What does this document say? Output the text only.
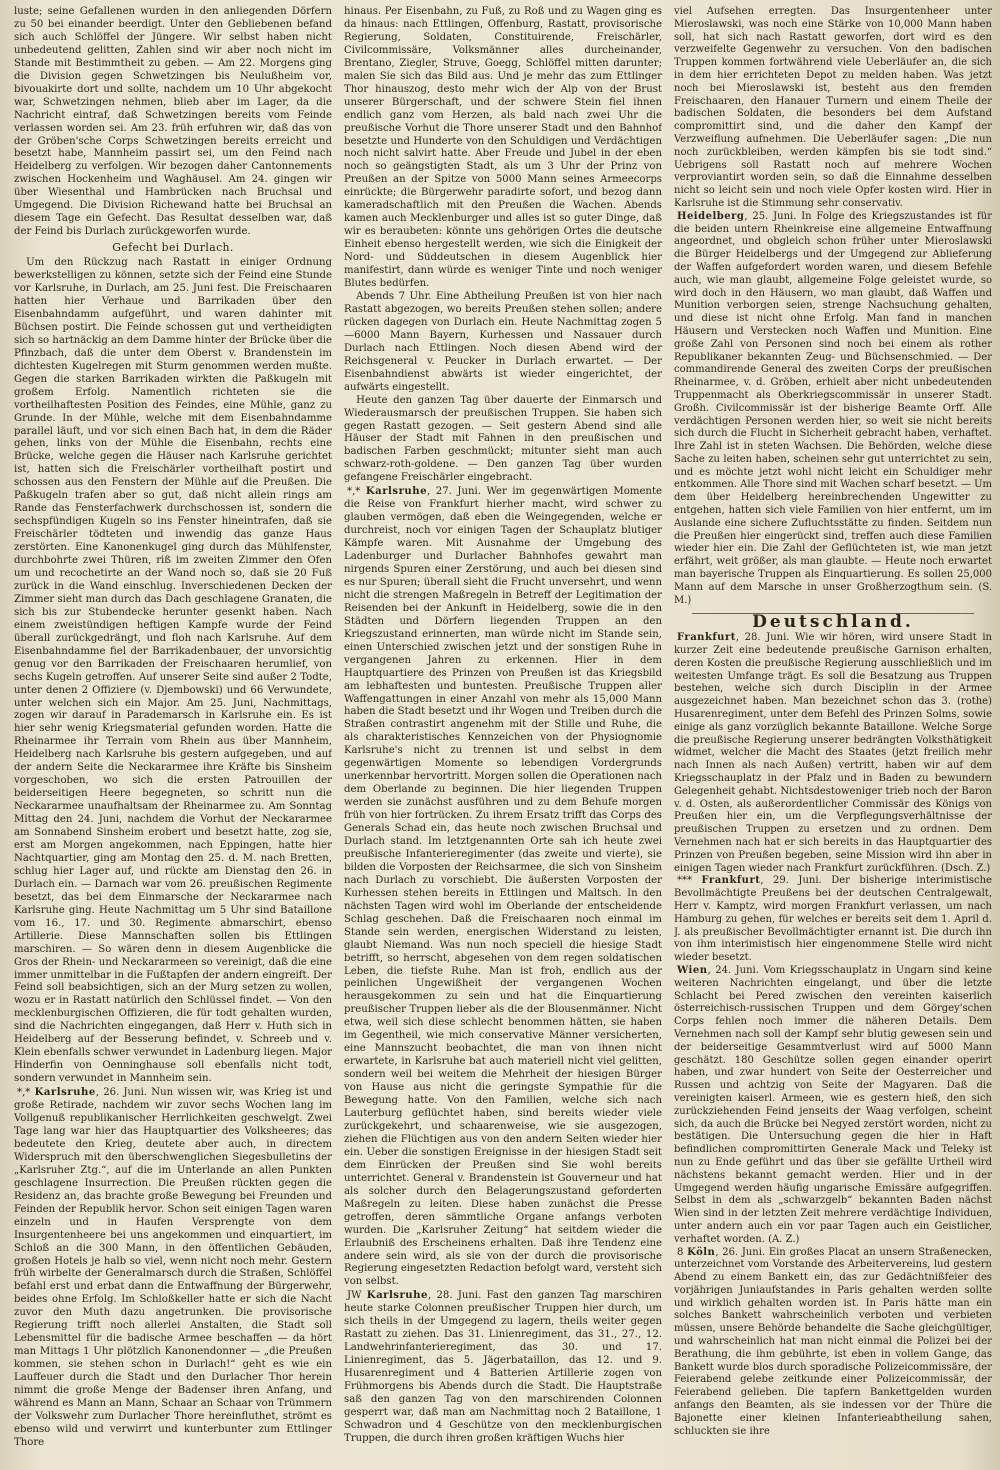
luste; seine Gefallenen wurden in den anliegenden Dörfern zu 50 bei einander beerdigt. Unter den Gebliebenen befand sich auch Schlöffel der Jüngere. Wir selbst haben nicht unbedeutend gelitten, Zahlen sind wir aber noch nicht im Stande mit Bestimmtheit zu geben. — Am 22. Morgens ging die Division gegen Schwetzingen bis Neulußheim vor, bivouakirte dort und sollte, nachdem um 10 Uhr abgekocht war, Schwetzingen nehmen, blieb aber im Lager, da die Nachricht eintraf, daß Schwetzingen bereits vom Feinde verlassen worden sei. Am 23. früh erfuhren wir, daß das von der Gröben'sche Corps Schwetzingen bereits erreicht und besetzt habe, Mannheim passirt sei, um den Feind nach Heidelberg zu verfolgen. Wir bezogen daher Cantonnements zwischen Hockenheim und Waghäusel. Am 24. gingen wir über Wiesenthal und Hambrücken nach Bruchsal und Umgegend. Die Division Richewand hatte bei Bruchsal an diesem Tage ein Gefecht. Das Resultat desselben war, daß der Feind bis Durlach zurückgeworfen wurde.

Gefecht bei Durlach.

Um den Rückzug nach Rastatt in einiger Ordnung bewerkstelligen zu können, setzte sich der Feind eine Stunde vor Karlsruhe, in Durlach, am 25. Juni fest. Die Freischaaren hatten hier Verhaue und Barrikaden über den Eisenbahndamm aufgeführt, und waren dahinter mit Büchsen postirt. Die Feinde schossen gut und vertheidigten sich so hartnäckig an dem Damme hinter der Brücke über die Pfinzbach, daß die unter dem Oberst v. Brandenstein im dichtesten Kugelregen mit Sturm genommen werden mußte. Gegen die starken Barrikaden wirkten die Paßkugeln mit großem Erfolg. Namentlich richteten sie die vortheilhaftesten Position des Feindes, eine Mühle, ganz zu Grunde. In der Mühle, welche mit dem Eisenbahndamme parallel läuft, und vor sich einen Bach hat, in dem die Räder gehen, links von der Mühle die Eisenbahn, rechts eine Brücke, welche gegen die Häuser nach Karlsruhe gerichtet ist, hatten sich die Freischärler vortheilhaft postirt und schossen aus den Fenstern der Mühle auf die Preußen. Die Paßkugeln trafen aber so gut, daß nicht allein rings am Rande das Fensterfachwerk durchschossen ist, sondern die sechspfündigen Kugeln so ins Fenster hineintrafen, daß sie Freischärler tödteten und inwendig das ganze Haus zerstörten. Eine Kanonenkugel ging durch das Mühlfenster, durchbohrte zwei Thüren, riß im zweiten Zimmer den Ofen um und recochetirte an der Wand noch so, daß sie 20 Fuß zurück in die Wand einschlug. Inverschiedenen Decken der Zimmer sieht man durch das Dach geschlagene Granaten, die sich bis zur Stubendecke herunter gesenkt haben. Nach einem zweistündigen heftigen Kampfe wurde der Feind überall zurückgedrängt, und floh nach Karlsruhe. Auf dem Eisenbahndamme fiel der Barrikadenbauer, der unvorsichtig genug vor den Barrikaden der Freischaaren herumlief, von sechs Kugeln getroffen. Auf unserer Seite sind außer 2 Todte, unter denen 2 Offiziere (v. Djembowski) und 66 Verwundete, unter welchen sich ein Major. Am 25. Juni, Nachmittags, zogen wir darauf in Parademarsch in Karlsruhe ein. Es ist hier sehr wenig Kriegsmaterial gefunden worden. Hatte die Rheinarmee ihr Terrain vom Rhein aus über Mannheim, Heidelberg nach Karlsruhe bis gestern aufgegeben, und auf der andern Seite die Neckararmee ihre Kräfte bis Sinsheim vorgeschoben, wo sich die ersten Patrouillen der beiderseitigen Heere begegneten, so schritt nun die Neckararmee unaufhaltsam der Rheinarmee zu. Am Sonntag Mittag den 24. Juni, nachdem die Vorhut der Neckararmee am Sonnabend Sinsheim erobert und besetzt hatte, zog sie, erst am Morgen angekommen, nach Eppingen, hatte hier Nachtquartier, ging am Montag den 25. d. M. nach Bretten, schlug hier Lager auf, und rückte am Dienstag den 26. in Durlach ein. — Darnach war vom 26. preußischen Regimente besetzt, das bei dem Einmarsche der Neckararmee nach Karlsruhe ging. Heute Nachmittag um 5 Uhr sind Bataillone vom 16., 17. und 30. Regimente abmarschirt, ebenso Artillerie. Diese Mannschaften sollen bis Ettlingen marschiren. — So wären denn in diesem Augenblicke die Gros der Rhein- und Neckararmeen so vereinigt, daß die eine immer unmittelbar in die Fußtapfen der andern eingreift. Der Feind soll beabsichtigen, sich an der Murg setzen zu wollen, wozu er in Rastatt natürlich den Schlüssel findet. — Von den mecklenburgischen Offizieren, die für todt gehalten wurden, sind die Nachrichten eingegangen, daß Herr v. Huth sich in Heidelberg auf der Besserung befindet, v. Schreeb und v. Klein ebenfalls schwer verwundet in Ladenburg liegen. Major Hinderfin von Oenninghause soll ebenfalls nicht todt, sondern verwundet in Mannheim sein.

*,* Karlsruhe, 26. Juni. Nun wissen wir, was Krieg ist und große Retirade, nachdem wir zuvor sechs Wochen lang im Vollgenuß republikanischer Herrlichkeiten geschwelgt. Zwei Tage lang war hier das Hauptquartier des Volksheeres; das bedeutete den Krieg, deutete aber auch, in directem Widerspruch mit den überschwenglichen Siegesbulletins der „Karlsruher Ztg.“, auf die im Unterlande an allen Punkten geschlagene Insurrection. Die Preußen rückten gegen die Residenz an, das brachte große Bewegung bei Freunden und Feinden der Republik hervor. Schon seit einigen Tagen waren einzeln und in Haufen Versprengte von dem Insurgentenheere bei uns angekommen und einquartiert, im Schloß an die 300 Mann, in den öffentlichen Gebäuden, großen Hotels je halb so viel, wenn nicht noch mehr. Gestern früh wirbelte der Generalmarsch durch die Straßen, Schlöffel befahl erst und erbat dann die Entwaffnung der Bürgerwehr, beides ohne Erfolg. Im Schloßkeller hatte er sich die Nacht zuvor den Muth dazu angetrunken. Die provisorische Regierung trifft noch allerlei Anstalten, die Stadt soll Lebensmittel für die badische Armee beschaffen — da hört man Mittags 1 Uhr plötzlich Kanonendonner — „die Preußen kommen, sie stehen schon in Durlach!“ geht es wie ein Lauffeuer durch die Stadt und den Durlacher Thor herein nimmt die große Menge der Badenser ihren Anfang, und während es Mann an Mann, Schaar an Schaar von Trümmern der Volkswehr zum Durlacher Thore hereinfluthet, strömt es ebenso wild und verwirrt und kunterbunter zum Ettlinger Thore

hinaus. Per Eisenbahn, zu Fuß, zu Roß und zu Wagen ging es da hinaus: nach Ettlingen, Offenburg, Rastatt, provisorische Regierung, Soldaten, Constituirende, Freischärler, Civilcommissäre, Volksmänner alles durcheinander, Brentano, Ziegler, Struve, Goegg, Schlöffel mitten darunter; malen Sie sich das Bild aus. Und je mehr das zum Ettlinger Thor hinauszog, desto mehr wich der Alp von der Brust unserer Bürgerschaft, und der schwere Stein fiel ihnen endlich ganz vom Herzen, als bald nach zwei Uhr die preußische Vorhut die Thore unserer Stadt und den Bahnhof besetzte und Hunderte von den Schuldigen und Verdächtigen noch nicht salvirt hatte. Aber Freude und Jubel in der eben noch so geängstigten Stadt, als um 3 Uhr der Prinz von Preußen an der Spitze von 5000 Mann seines Armeecorps einrückte; die Bürgerwehr paradirte sofort, und bezog dann kameradschaftlich mit den Preußen die Wachen. Abends kamen auch Mecklenburger und alles ist so guter Dinge, daß wir es beraubeten: könnte uns gehörigen Ortes die deutsche Einheit ebenso hergestellt werden, wie sich die Einigkeit der Nord- und Süddeutschen in diesem Augenblick hier manifestirt, dann würde es weniger Tinte und noch weniger Blutes bedürfen.

Abends 7 Uhr. Eine Abtheilung Preußen ist von hier nach Rastatt abgezogen, wo bereits Preußen stehen sollen; andere rücken dagegen von Durlach ein. Heute Nachmittag zogen 5—6000 Mann Bayern, Kurhessen und Nassauer durch Durlach nach Ettlingen. Noch diesen Abend wird der Reichsgeneral v. Peucker in Durlach erwartet. — Der Eisenbahndienst abwärts ist wieder eingerichtet, der aufwärts eingestellt.

Heute den ganzen Tag über dauerte der Einmarsch und Wiederausmarsch der preußischen Truppen. Sie haben sich gegen Rastatt gezogen. — Seit gestern Abend sind alle Häuser der Stadt mit Fahnen in den preußischen und badischen Farben geschmückt; mitunter sieht man auch schwarz-roth-goldene. — Den ganzen Tag über wurden gefangene Freischärler eingebracht.

*,* Karlsruhe, 27. Juni. Wer im gegenwärtigen Momente die Reise von Frankfurt hierher macht, wird schwer zu glauben vermögen, daß eben die Weingegenden, welche er durchreist, noch vor einigen Tagen der Schauplatz blutiger Kämpfe waren. Mit Ausnahme der Umgebung des Ladenburger und Durlacher Bahnhofes gewahrt man nirgends Spuren einer Zerstörung, und auch bei diesen sind es nur Spuren; überall sieht die Frucht unversehrt, und wenn nicht die strengen Maßregeln in Betreff der Legitimation der Reisenden bei der Ankunft in Heidelberg, sowie die in den Städten und Dörfern liegenden Truppen an den Kriegszustand erinnerten, man würde nicht im Stande sein, einen Unterschied zwischen jetzt und der sonstigen Ruhe in vergangenen Jahren zu erkennen. Hier in dem Hauptquartiere des Prinzen von Preußen ist das Kriegsbild am lebhaftesten und buntesten. Preußische Truppen aller Waffengattungen in einer Anzahl von mehr als 15,000 Mann haben die Stadt besetzt und ihr Wogen und Treiben durch die Straßen contrastirt angenehm mit der Stille und Ruhe, die als charakteristisches Kennzeichen von der Physiognomie Karlsruhe's nicht zu trennen ist und selbst in dem gegenwärtigen Momente so lebendigen Vordergrunds unerkennbar hervortritt. Morgen sollen die Operationen nach dem Oberlande zu beginnen. Die hier liegenden Truppen werden sie zunächst ausführen und zu dem Behufe morgen früh von hier fortrücken. Zu ihrem Ersatz trifft das Corps des Generals Schad ein, das heute noch zwischen Bruchsal und Durlach stand. Im letztgenannten Orte sah ich heute zwei preußische Infanterieregimenter (das zweite und vierte), sie bilden die Vorposten der Reichsarmee, die sich von Sinsheim nach Durlach zu vorschiebt. Die äußersten Vorposten der Kurhessen stehen bereits in Ettlingen und Maltsch. In den nächsten Tagen wird wohl im Oberlande der entscheidende Schlag geschehen. Daß die Freischaaren noch einmal im Stande sein werden, energischen Widerstand zu leisten, glaubt Niemand. Was nun noch speciell die hiesige Stadt betrifft, so herrscht, abgesehen von dem regen soldatischen Leben, die tiefste Ruhe. Man ist froh, endlich aus der peinlichen Ungewißheit der vergangenen Wochen herausgekommen zu sein und hat die Einquartierung preußischer Truppen lieber als die der Blousenmänner. Nicht etwa, weil sich diese schlecht benommen hätten, sie haben im Gegentheil, wie mich conservative Männer versicherten, eine Mannszucht beobachtet, die man von ihnen nicht erwartete, in Karlsruhe bat auch materiell nicht viel gelitten, sondern weil bei weitem die Mehrheit der hiesigen Bürger von Hause aus nicht die geringste Sympathie für die Bewegung hatte. Von den Familien, welche sich nach Lauterburg geflüchtet haben, sind bereits wieder viele zurückgekehrt, und schaarenweise, wie sie ausgezogen, ziehen die Flüchtigen aus von den andern Seiten wieder hier ein. Ueber die sonstigen Ereignisse in der hiesigen Stadt seit dem Einrücken der Preußen sind Sie wohl bereits unterrichtet. General v. Brandenstein ist Gouverneur und hat als solcher durch den Belagerungszustand geforderten Maßregeln zu leiten. Diese haben zunächst die Presse getroffen, deren sämmtliche Organe anfangs verboten wurden. Die „Karlsruher Zeitung“ hat seitdem wieder die Erlaubniß des Erscheinens erhalten. Daß ihre Tendenz eine andere sein wird, als sie von der durch die provisorische Regierung eingesetzten Redaction befolgt ward, versteht sich von selbst.

JW Karlsruhe, 28. Juni. Fast den ganzen Tag marschiren heute starke Colonnen preußischer Truppen hier durch, um sich theils in der Umgegend zu lagern, theils weiter gegen Rastatt zu ziehen. Das 31. Linienregiment, das 31., 27., 12. Landwehrinfanterieregiment, das 30. und 17. Linienregiment, das 5. Jägerbataillon, das 12. und 9. Husarenregiment und 4 Batterien Artillerie zogen von Frühmorgens bis Abends durch die Stadt. Die Hauptstraße saß den ganzen Tag von den marschirenden Colonnen gesperrt war, daß man am Nachmittag noch 2 Bataillone, 1 Schwadron und 4 Geschütze von den mecklenburgischen Truppen, die durch ihren großen kräftigen Wuchs hier

viel Aufsehen erregten. Das Insurgentenheer unter Mieroslawski, was noch eine Stärke von 10,000 Mann haben soll, hat sich nach Rastatt geworfen, dort wird es den verzweifelte Gegenwehr zu versuchen. Von den badischen Truppen kommen fortwährend viele Ueberläufer an, die sich in dem hier errichteten Depot zu melden haben. Was jetzt noch bei Mieroslawski ist, besteht aus den fremden Freischaaren, den Hanauer Turnern und einem Theile der badischen Soldaten, die besonders bei dem Aufstand compromittirt sind, und die daher den Kampf der Verzweiflung aufnehmen. Die Ueberläufer sagen: „Die nun noch zurückbleiben, werden kämpfen bis sie todt sind.“ Uebrigens soll Rastatt noch auf mehrere Wochen verproviantirt worden sein, so daß die Einnahme desselben nicht so leicht sein und noch viele Opfer kosten wird. Hier in Karlsruhe ist die Stimmung sehr conservativ.

Heidelberg, 25. Juni. In Folge des Kriegszustandes ist für die beiden untern Rheinkreise eine allgemeine Entwaffnung angeordnet, und obgleich schon früher unter Mieroslawski die Bürger Heidelbergs und der Umgegend zur Ablieferung der Waffen aufgefordert worden waren, und diesem Befehle auch, wie man glaubt, allgemeine Folge geleistet wurde, so wird doch in den Häusern, wo man glaubt, daß Waffen und Munition verborgen seien, strenge Nachsuchung gehalten, und diese ist nicht ohne Erfolg. Man fand in manchen Häusern und Verstecken noch Waffen und Munition. Eine große Zahl von Personen sind noch bei einem als rother Republikaner bekannten Zeug- und Büchsenschmied. — Der commandirende General des zweiten Corps der preußischen Rheinarmee, v. d. Gröben, erhielt aber nicht unbedeutenden Truppenmacht als Oberkriegscommissär in unserer Stadt. Großh. Civilcommissär ist der bisherige Beamte Orff. Alle verdächtigen Personen werden hier, so weit sie nicht bereits sich durch die Flucht in Sicherheit gebracht haben, verhaftet. Ihre Zahl ist in steten Wachsen. Die Behörden, welche diese Sache zu leiten haben, scheinen sehr gut unterrichtet zu sein, und es möchte jetzt wohl nicht leicht ein Schuldiger mehr entkommen. Alle Thore sind mit Wachen scharf besetzt. — Um dem über Heidelberg hereinbrechenden Ungewitter zu entgehen, hatten sich viele Familien von hier entfernt, um im Auslande eine sichere Zufluchtsstätte zu finden. Seitdem nun die Preußen hier eingerückt sind, treffen auch diese Familien wieder hier ein. Die Zahl der Geflüchteten ist, wie man jetzt erfährt, weit größer, als man glaubte. — Heute noch erwartet man bayerische Truppen als Einquartierung. Es sollen 25,000 Mann auf dem Marsche in unser Großherzogthum sein. (S. M.)

Deutschland.

Frankfurt, 28. Juni. Wie wir hören, wird unsere Stadt in kurzer Zeit eine bedeutende preußische Garnison erhalten, deren Kosten die preußische Regierung ausschließlich und im weitesten Umfange trägt. Es soll die Besatzung aus Truppen bestehen, welche sich durch Disciplin in der Armee ausgezeichnet haben. Man bezeichnet schon das 3. (rothe) Husarenregiment, unter dem Befehl des Prinzen Solms, sowie einige als ganz vorzüglich bekannte Bataillone. Welche Sorge die preußische Regierung unserer bedrängten Volksthätigkeit widmet, welcher die Macht des Staates (jetzt freilich mehr nach Innen als nach Außen) vertritt, haben wir auf dem Kriegsschauplatz in der Pfalz und in Baden zu bewundern Gelegenheit gehabt. Nichtsdestoweniger trieb noch der Baron v. d. Osten, als außerordentlicher Commissär des Königs von Preußen hier ein, um die Verpflegungsverhältnisse der preußischen Truppen zu ersetzen und zu ordnen. Dem Vernehmen nach hat er sich bereits in das Hauptquartier des Prinzen von Preußen begeben, seine Mission wird ihn aber in einigen Tagen wieder nach Frankfurt zurückführen. (Dsch. Z.)

*** Frankfurt, 29. Juni. Der bisherige interimistische Bevollmächtigte Preußens bei der deutschen Centralgewalt, Herr v. Kamptz, wird morgen Frankfurt verlassen, um nach Hamburg zu gehen, für welches er bereits seit dem 1. April d. J. als preußischer Bevollmächtigter ernannt ist. Die durch ihn von ihm interimistisch hier eingenommene Stelle wird nicht wieder besetzt.

Wien, 24. Juni. Vom Kriegsschauplatz in Ungarn sind keine weiteren Nachrichten eingelangt, und über die letzte Schlacht bei Pered zwischen den vereinten kaiserlich österreichisch-russischen Truppen und dem Görgey'schen Corps fehlen noch immer die näheren Details. Dem Vernehmen nach soll der Kampf sehr blutig gewesen sein und der beiderseitige Gesammtverlust wird auf 5000 Mann geschätzt. 180 Geschütze sollen gegen einander operirt haben, und zwar hundert von Seite der Oesterreicher und Russen und achtzig von Seite der Magyaren. Daß die vereinigten kaiserl. Armeen, wie es gestern hieß, den sich zurückziehenden Feind jenseits der Waag verfolgen, scheint sich, da auch die Brücke bei Negyed zerstört worden, nicht zu bestätigen. Die Untersuchung gegen die hier in Haft befindlichen compromittirten Generale Mack und Teleky ist nun zu Ende geführt und das über sie gefällte Urtheil wird nächstens bekannt gemacht werden. Hier und in der Umgegend werden häufig ungarische Emissäre aufgegriffen. Selbst in dem als „schwarzgelb“ bekannten Baden nächst Wien sind in der letzten Zeit mehrere verdächtige Individuen, unter andern auch ein vor paar Tagen auch ein Geistlicher, verhaftet worden. (A. Z.)

8 Köln, 26. Juni. Ein großes Placat an unsern Straßenecken, unterzeichnet vom Vorstande des Arbeitervereins, lud gestern Abend zu einem Bankett ein, das zur Gedächtnißfeier des vorjährigen Juniaufstandes in Paris gehalten werden sollte und wirklich gehalten worden ist. In Paris hätte man ein solches Bankett wahrscheinlich verboten und verbieten müssen, unsere Behörde behandelte die Sache gleichgültiger, und wahrscheinlich hat man nicht einmal die Polizei bei der Berathung, die ihm gebührte, ist eben in vollem Gange, das Bankett wurde blos durch sporadische Polizeicommissäre, der Feierabend gelebe zeitkunde einer Polizeicommissär, der Feierabend gelieben. Die tapfern Bankettgelden wurden anfangs den Beamten, als sie indessen vor der Thüre die Bajonette einer kleinen Infanterieabtheilung sahen, schluckten sie ihre
